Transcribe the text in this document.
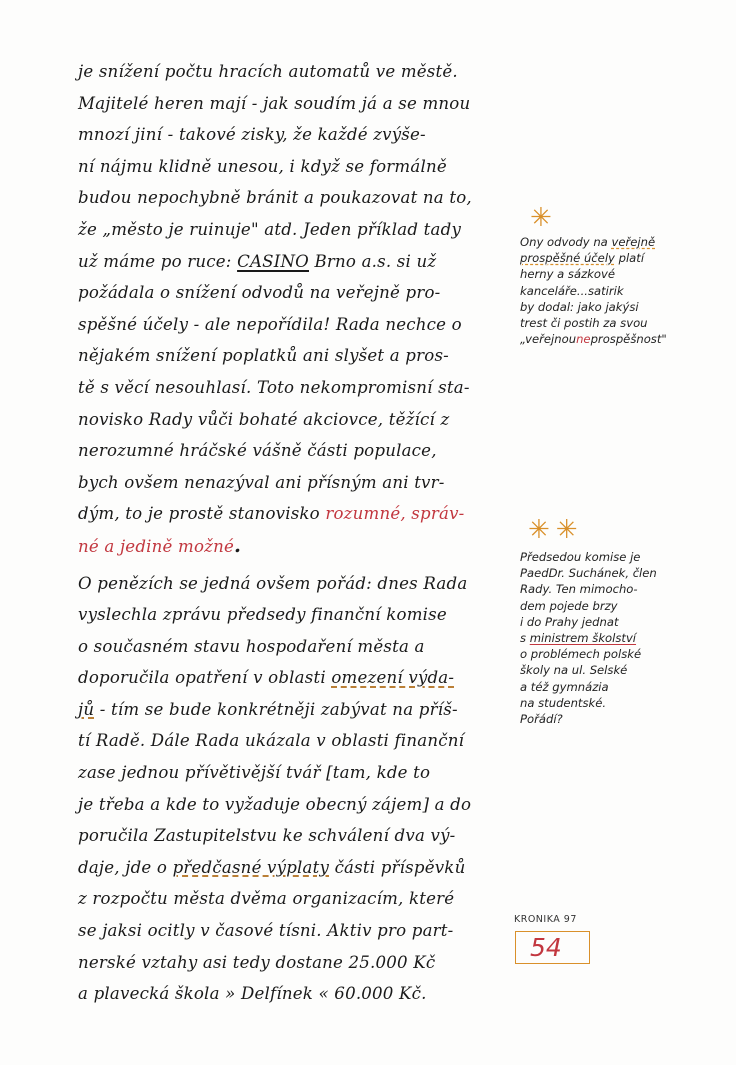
je snížení počtu hracích automatů ve městě.
Majitelé heren mají - jak soudím já a se mnou
mnozí jiní - takové zisky, že každé zvýše-
ní nájmu klidně unesou, i když se formálně
budou nepochybně bránit a poukazovat na to,
že „město je ruinuje" atd. Jeden příklad tady
už máme po ruce: CASINO Brno a.s. si už
požádala o snížení odvodů na veřejně pro-
spěšné účely - ale nepořídila! Rada nechce o
nějakém snížení poplatků ani slyšet a pros-
tě s věcí nesouhlasí. Toto nekompromisní sta-
novisko Rady vůči bohaté akciovce, těžící z
nerozumné hráčské vášně části populace,
bych ovšem nenazýval ani přísným ani tvr-
dým, to je prostě stanovisko rozumné, správ-
né a jedině možné.
O penězích se jedná ovšem pořád: dnes Rada
vyslechla zprávu předsedy finanční komise
o současném stavu hospodaření města a
doporučila opatření v oblasti omezení výda-
jů - tím se bude konkrétněji zabývat na příš-
tí Radě. Dále Rada ukázala v oblasti finanční
zase jednou přívětivější tvář [tam, kde to
je třeba a kde to vyžaduje obecný zájem] a do
poručila Zastupitelstvu ke schválení dva vý-
daje, jde o předčasné výplaty části příspěvků
z rozpočtu města dvěma organizacím, které
se jaksi ocitly v časové tísni. Aktiv pro part-
nerské vztahy asi tedy dostane 25.000 Kč
a plavecká škola » Delfínek « 60.000 Kč.
✳
Ony odvody na veřejně
prospěšné účely platí
herny a sázkové
kanceláře...satirik
by dodal: jako jakýsi
trest či postih za svou
„veřejnouneprospěšnost"
✳✳
Předsedou komise je
PaedDr. Suchánek, člen
Rady. Ten mimocho-
dem pojede brzy
i do Prahy jednat
s ministrem školství
o problémech polské
školy na ul. Selské
a též gymnázia
na studentské.
Pořádí?
KRONIKA 97
54
